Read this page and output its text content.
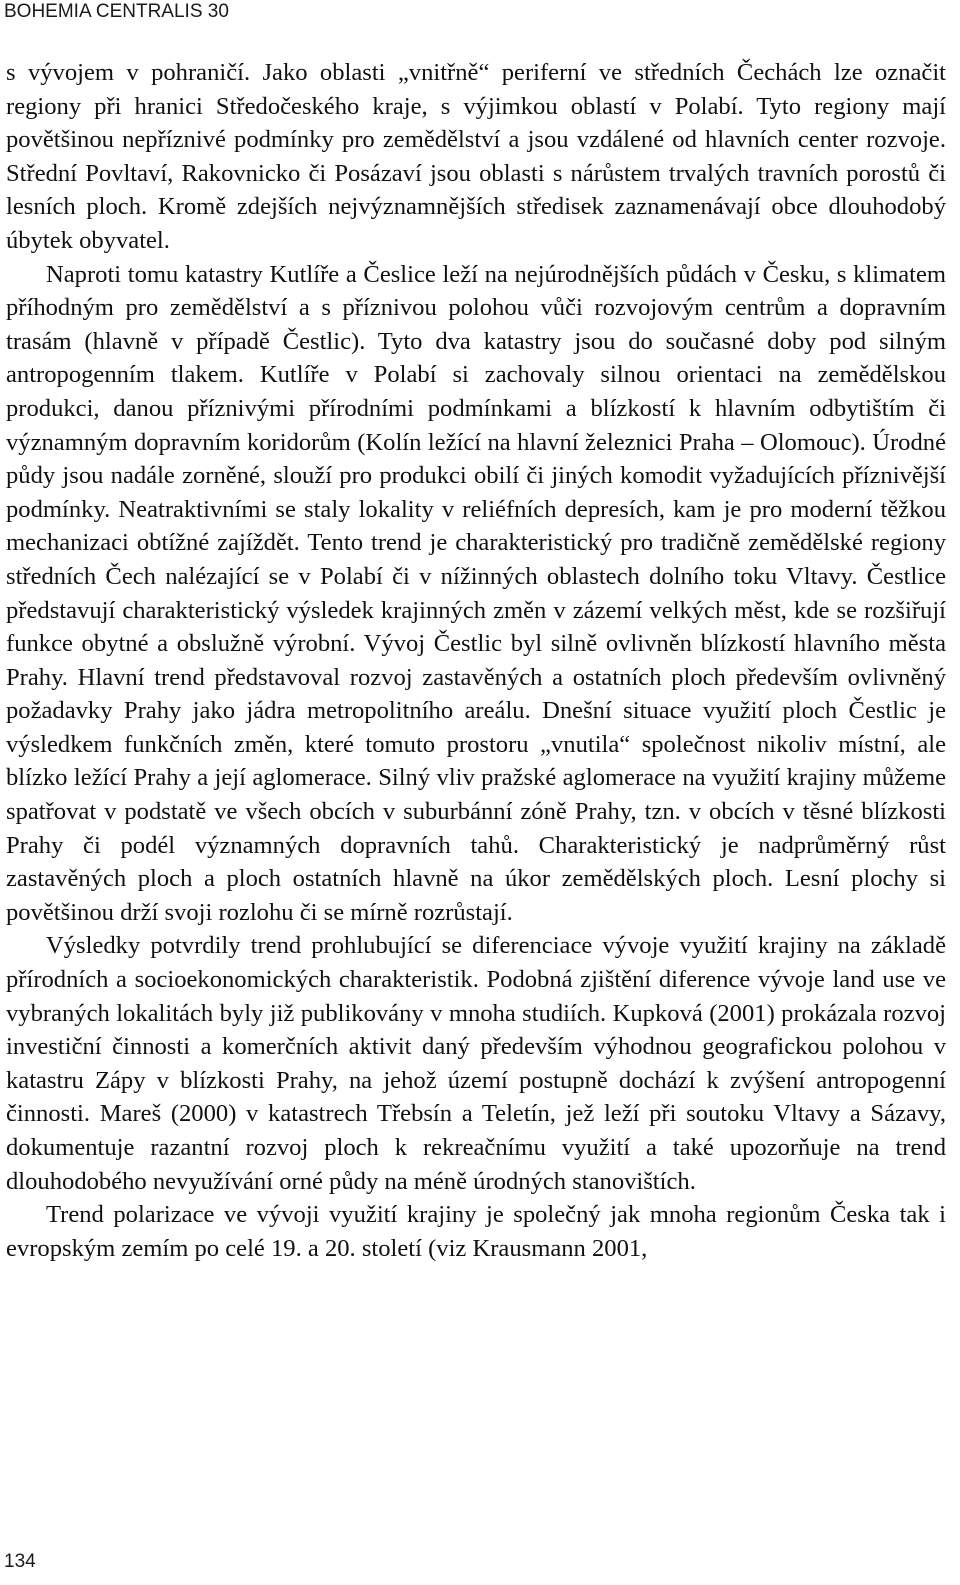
BOHEMIA CENTRALIS 30

s vývojem v pohraničí. Jako oblasti „vnitřně“ periferní ve středních Čechách lze označit regiony při hranici Středočeského kraje, s výjimkou oblastí v Polabí. Tyto regiony mají povětšinou nepříznivé podmínky pro zemědělství a jsou vzdálené od hlavních center rozvoje. Střední Povltaví, Rakovnicko či Posázaví jsou oblasti s nárůstem trvalých travních porostů či lesních ploch. Kromě zdejších nejvýznamnějších středisek zaznamenávají obce dlouhodobý úbytek obyvatel.

Naproti tomu katastry Kutlíře a Česlice leží na nejúrodnějších půdách v Česku, s klimatem příhodným pro zemědělství a s příznivou polohou vůči rozvojovým centrům a dopravním trasám (hlavně v případě Čestlic). Tyto dva katastry jsou do současné doby pod silným antropogenním tlakem. Kutlíře v Polabí si zachovaly silnou orientaci na zemědělskou produkci, danou příznivými přírodními podmínkami a blízkostí k hlavním odbytištím či významným dopravním koridorům (Kolín ležící na hlavní železnici Praha – Olomouc). Úrodné půdy jsou nadále zorněné, slouží pro produkci obilí či jiných komodit vyžadujících příznivější podmínky. Neatraktivními se staly lokality v reliéfních depresích, kam je pro moderní těžkou mechanizaci obtížné zajíždět. Tento trend je charakteristický pro tradičně zemědělské regiony středních Čech nalézající se v Polabí či v nížinných oblastech dolního toku Vltavy. Čestlice představují charakteristický výsledek krajinných změn v zázemí velkých měst, kde se rozšiřují funkce obytné a obslužně výrobní. Vývoj Čestlic byl silně ovlivněn blízkostí hlavního města Prahy. Hlavní trend představoval rozvoj zastavěných a ostatních ploch především ovlivněný požadavky Prahy jako jádra metropolitního areálu. Dnešní situace využití ploch Čestlic je výsledkem funkčních změn, které tomuto prostoru „vnutila“ společnost nikoliv místní, ale blízko ležící Prahy a její aglomerace. Silný vliv pražské aglomerace na využití krajiny můžeme spatřovat v podstatě ve všech obcích v suburbánní zóně Prahy, tzn. v obcích v těsné blízkosti Prahy či podél významných dopravních tahů. Charakteristický je nadprůměrný růst zastavěných ploch a ploch ostatních hlavně na úkor zemědělských ploch. Lesní plochy si povětšinou drží svoji rozlohu či se mírně rozrůstají.

Výsledky potvrdily trend prohlubující se diferenciace vývoje využití krajiny na základě přírodních a socioekonomických charakteristik. Podobná zjištění diference vývoje land use ve vybraných lokalitách byly již publikovány v mnoha studiích. Kupková (2001) prokázala rozvoj investiční činnosti a komerčních aktivit daný především výhodnou geografickou polohou v katastru Zápy v blízkosti Prahy, na jehož území postupně dochází k zvýšení antropogenní činnosti. Mareš (2000) v katastrech Třebsín a Teletín, jež leží při soutoku Vltavy a Sázavy, dokumentuje razantní rozvoj ploch k rekreačnímu využití a také upozorňuje na trend dlouhodobého nevyužívání orné půdy na méně úrodných stanovištích.

Trend polarizace ve vývoji využití krajiny je společný jak mnoha regionům Česka tak i evropským zemím po celé 19. a 20. století (viz Krausmann 2001,

134
